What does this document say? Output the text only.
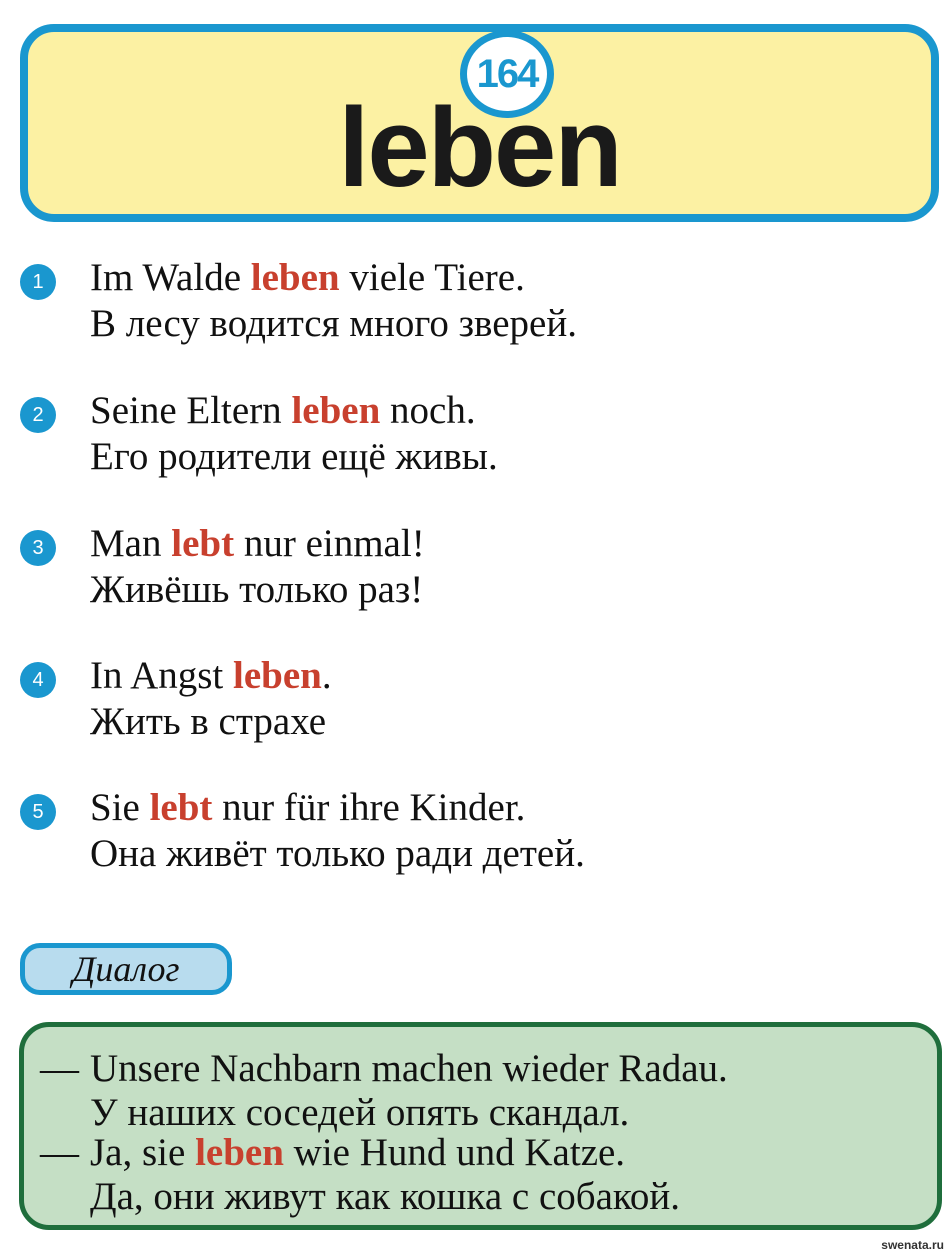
164
leben
1	Im Walde leben viele Tiere.
В лесу водится много зверей.
2	Seine Eltern leben noch.
Его родители ещё живы.
3	Man lebt nur einmal!
Живёшь только раз!
4	In Angst leben.
Жить в страхе
5	Sie lebt nur für ihre Kinder.
Она живёт только ради детей.
Диалог
— Unsere Nachbarn machen wieder Radau.
У наших соседей опять скандал.
— Ja, sie leben wie Hund und Katze.
Да, они живут как кошка с собакой.
swenata.ru
